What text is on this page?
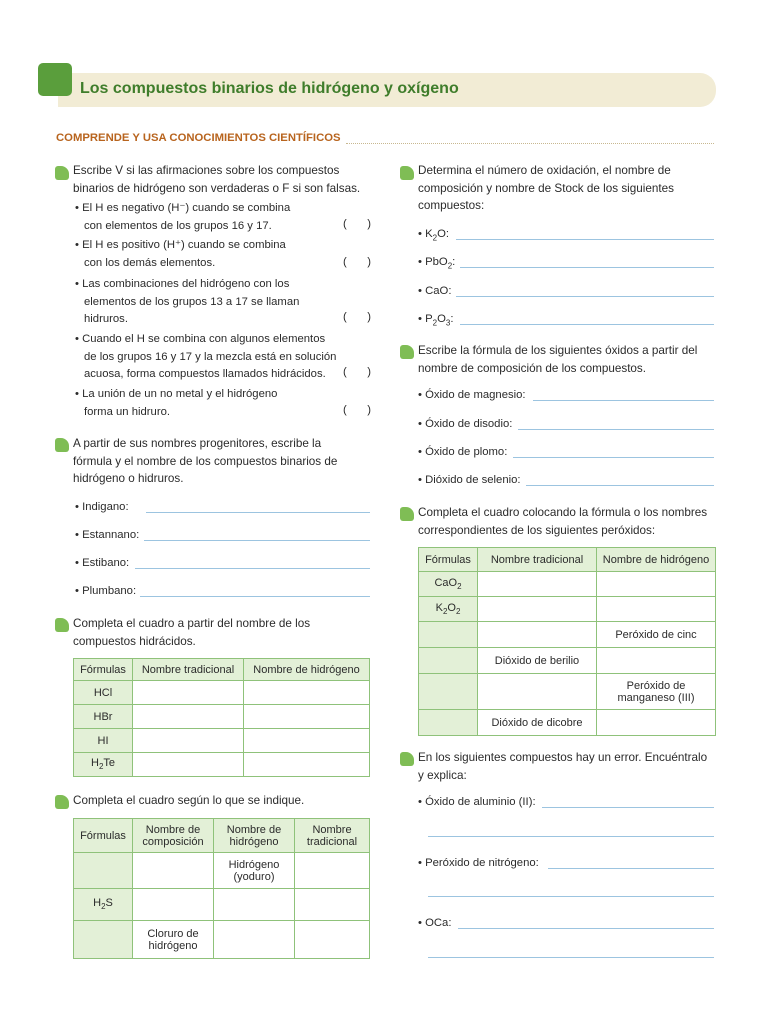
Los compuestos binarios de hidrógeno y oxígeno
COMPRENDE Y USA CONOCIMIENTOS CIENTÍFICOS
Escribe V si las afirmaciones sobre los compuestos
binarios de hidrógeno son verdaderas o F si son falsas.
• El H es negativo (H⁻) cuando se combina
con elementos de los grupos 16 y 17.	( )
• El H es positivo (H⁺) cuando se combina
con los demás elementos.	( )
• Las combinaciones del hidrógeno con los
elementos de los grupos 13 a 17 se llaman
hidruros.	( )
• Cuando el H se combina con algunos elementos
de los grupos 16 y 17 y la mezcla está en solución
acuosa, forma compuestos llamados hidrácidos.	( )
• La unión de un no metal y el hidrógeno
forma un hidruro.	( )
A partir de sus nombres progenitores, escribe la
fórmula y el nombre de los compuestos binarios de
hidrógeno o hidruros.
• Indigano:
• Estannano:
• Estibano:
• Plumbano:
Completa el cuadro a partir del nombre de los
compuestos hidrácidos.
Fórmulas	Nombre tradicional	Nombre de hidrógeno
HCl		
HBr		
HI		
$H_2Te$		
Completa el cuadro según lo que se indique.
Fórmulas	Nombre de composición	Nombre de hidrógeno	Nombre tradicional

		Hidrógeno
(yoduro)	

$H_2S$			

	Cloruro de
hidrógeno		

Determina el número de oxidación, el nombre de
composición y nombre de Stock de los siguientes
compuestos:
• $K_2O$:
• PbO$_2$:
• CaO:
• $P_2O_3$:
Escribe la fórmula de los siguientes óxidos a partir del
nombre de composición de los compuestos.
• Óxido de magnesio:
• Óxido de disodio:
• Óxido de plomo:
• Dióxido de selenio:
Completa el cuadro colocando la fórmula o los nombres
correspondientes de los siguientes peróxidos:
Fórmulas	Nombre tradicional	Nombre de hidrógeno
CaO$_2$		
$K_2O_2$		
		Peróxido de cinc
	Dióxido de berilio	

		Peróxido de
manganeso (III)

	Dióxido de dicobre	
En los siguientes compuestos hay un error. Encuéntralo
y explica:
• Óxido de aluminio (II):
• Peróxido de nitrógeno:
• OCa:
